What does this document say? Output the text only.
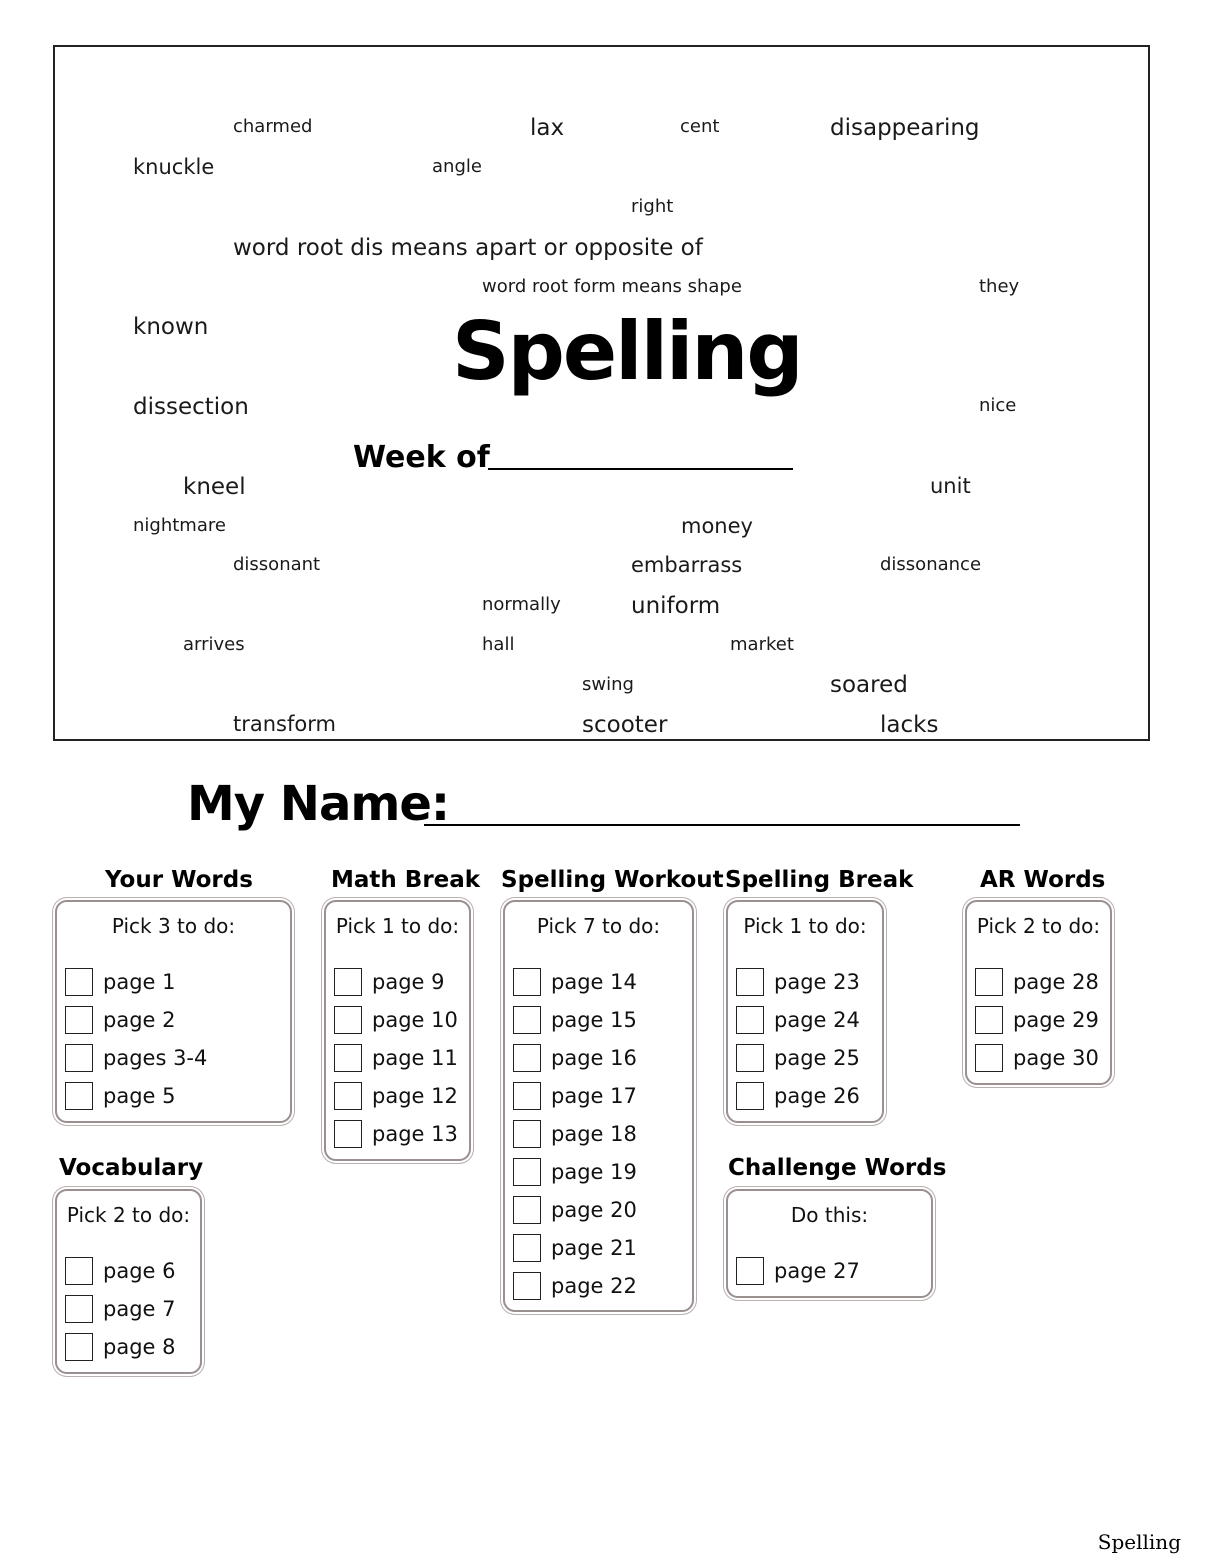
charmed	lax	cent	disappearing
knuckle	angle
right
word root dis means apart or opposite of
word root form means shape	they
known
dissection	nice
kneel	unit
nightmare	money
dissonant	embarrass	dissonance
normally	uniform
arrives	hall	market
swing	soared
transform	scooter	lacks
Spelling
Week of
My Name:
Your Words
Pick 3 to do:
page 1
page 2
pages 3-4
page 5
Math Break
Pick 1 to do:
page 9
page 10
page 11
page 12
page 13
Spelling Workout
Pick 7 to do:
page 14
page 15
page 16
page 17
page 18
page 19
page 20
page 21
page 22
Spelling Break
Pick 1 to do:
page 23
page 24
page 25
page 26
AR Words
Pick 2 to do:
page 28
page 29
page 30
Vocabulary
Pick 2 to do:
page 6
page 7
page 8
Challenge Words
Do this:
page 27
Spelling
